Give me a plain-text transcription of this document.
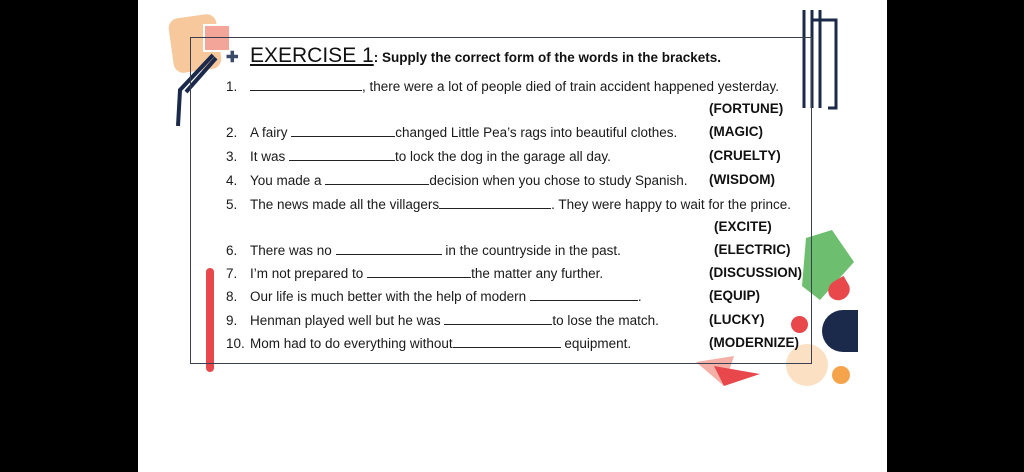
✚ EXERCISE 1: Supply the correct form of the words in the brackets.
1.	, there were a lot of people died of train accident happened yesterday.
(FORTUNE)
2. A fairy	changed Little Pea’s rags into beautiful clothes. (MAGIC)
3. It was	to lock the dog in the garage all day.	(CRUELTY)
4. You made a	decision when you chose to study Spanish. (WISDOM)
5. The news made all the villagers	. They were happy to wait for the prince.
(EXCITE)
6. There was no	in the countryside in the past.	(ELECTRIC)
7. I’m not prepared to	the matter any further.	(DISCUSSION)
8. Our life is much better with the help of modern	.	(EQUIP)
9. Henman played well but he was	to lose the match.	(LUCKY)
10. Mom had to do everything without	equipment.	(MODERNIZE)
